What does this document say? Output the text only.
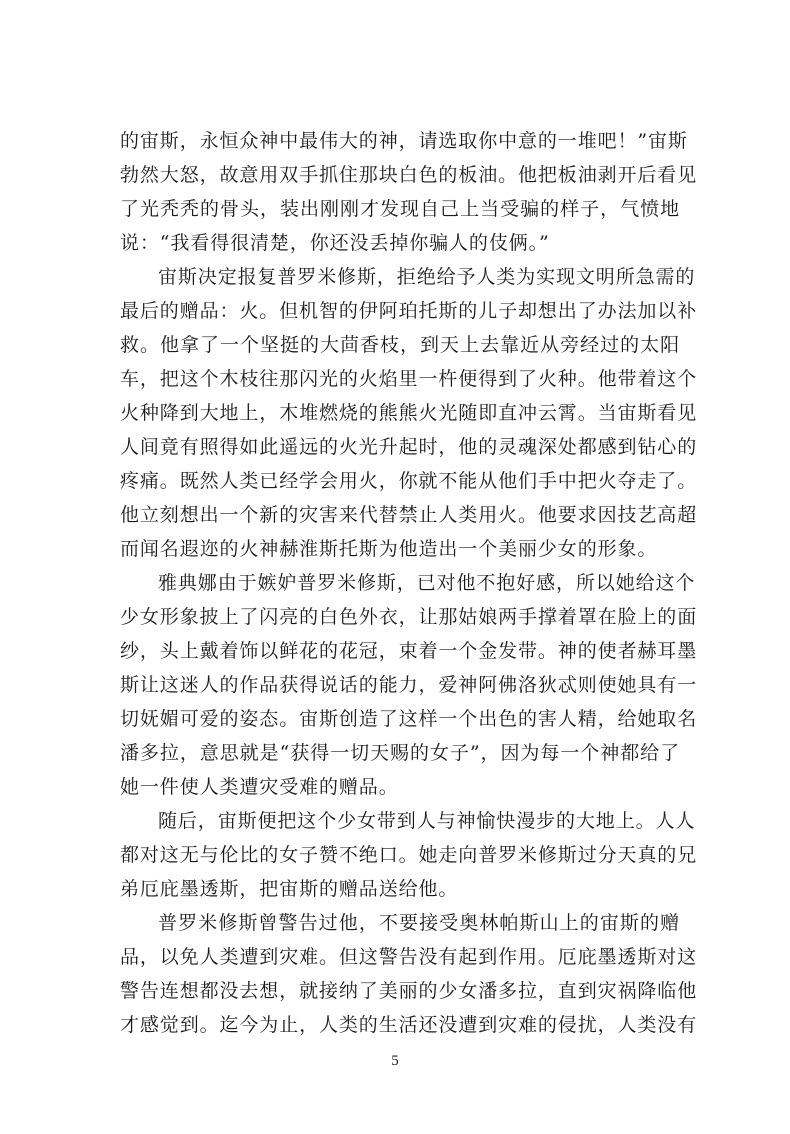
的宙斯，永恒众神中最伟大的神，请选取你中意的一堆吧！”宙斯
勃然大怒，故意用双手抓住那块白色的板油。他把板油剥开后看见
了光秃秃的骨头，装出刚刚才发现自己上当受骗的样子，气愤地
说：“我看得很清楚，你还没丢掉你骗人的伎俩。”
宙斯决定报复普罗米修斯，拒绝给予人类为实现文明所急需的
最后的赠品：火。但机智的伊阿珀托斯的儿子却想出了办法加以补
救。他拿了一个坚挺的大茴香枝，到天上去靠近从旁经过的太阳
车，把这个木枝往那闪光的火焰里一杵便得到了火种。他带着这个
火种降到大地上，木堆燃烧的熊熊火光随即直冲云霄。当宙斯看见
人间竟有照得如此遥远的火光升起时，他的灵魂深处都感到钻心的
疼痛。既然人类已经学会用火，你就不能从他们手中把火夺走了。
他立刻想出一个新的灾害来代替禁止人类用火。他要求因技艺高超
而闻名遐迩的火神赫淮斯托斯为他造出一个美丽少女的形象。
雅典娜由于嫉妒普罗米修斯，已对他不抱好感，所以她给这个
少女形象披上了闪亮的白色外衣，让那姑娘两手撑着罩在脸上的面
纱，头上戴着饰以鲜花的花冠，束着一个金发带。神的使者赫耳墨
斯让这迷人的作品获得说话的能力，爱神阿佛洛狄忒则使她具有一
切妩媚可爱的姿态。宙斯创造了这样一个出色的害人精，给她取名
潘多拉，意思就是“获得一切天赐的女子”，因为每一个神都给了
她一件使人类遭灾受难的赠品。
随后，宙斯便把这个少女带到人与神愉快漫步的大地上。人人
都对这无与伦比的女子赞不绝口。她走向普罗米修斯过分天真的兄
弟厄庇墨透斯，把宙斯的赠品送给他。
普罗米修斯曾警告过他，不要接受奥林帕斯山上的宙斯的赠
品，以免人类遭到灾难。但这警告没有起到作用。厄庇墨透斯对这
警告连想都没去想，就接纳了美丽的少女潘多拉，直到灾祸降临他
才感觉到。迄今为止，人类的生活还没遭到灾难的侵扰，人类没有
5
